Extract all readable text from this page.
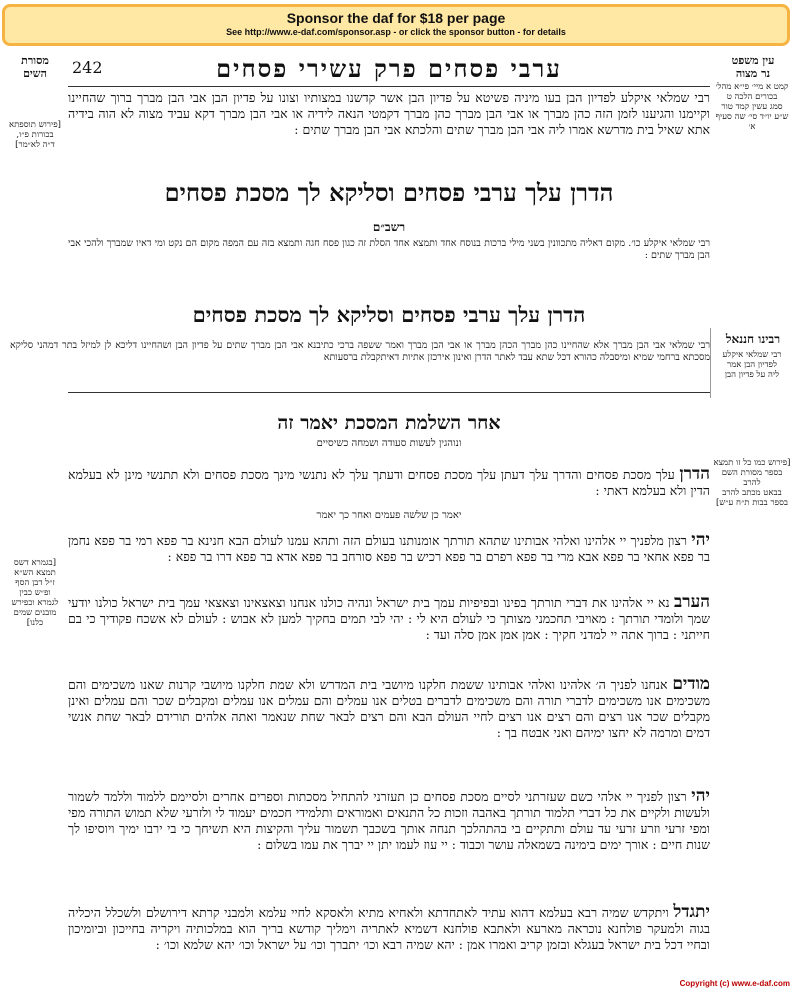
Sponsor the daf for $18 per page
See http://www.e-daf.com/sponsor.asp - or click the sponsor button - for details
מסורת
השים
עין משפט
נר מצוה
קמט א מיי׳ פי״א מהל׳
בכורים הלכה ט
סמג עשין קמד טור
ש״ע יו״ד סי׳ שה סעיף א׳
[פירוש תוספתא
בכורות פ״ו,
ד״ה לא״מר]
ערבי פסחים פרק עשירי פסחים
242
רבי שמלאי איקלע לפדיון הבן בעו מיניה פשיטא על פדיון הבן אשר קדשנו במצותיו וצונו על פדיון הבן אבי הבן מברך ברוך שהחיינו וקיימנו והגיענו לזמן הזה כהן מברך או אבי הבן מברך כהן מברך דקמטי הנאה לידיה או אבי הבן מברך דקא עביד מצוה לא הוה בידיה אתא שאיל בית מדרשא אמרו ליה אבי הבן מברך שתים והלכתא אבי הבן מברך שתים :
הדרן עלך ערבי פסחים וסליקא לך מסכת פסחים
רשב״ם
רבי שמלאי איקלע כו׳. מקום דאליה מתכוונין בשני מילי ברכות בנוסח אחד ותמצא אחד הסלת זה כגון פסח חגה ותמצא בזה עם המפה מקום הם נקט ומי דאיו שמברך ולהכי אבי הבן מברך שתים :
רבינו חננאל
רבי שמלאי איקלע
לפדיון הבן אמר
ליה על פדיון הבן
הדרן עלך ערבי פסחים וסליקא לך מסכת פסחים
רבי שמלאי אבי הבן מברך אלא שהחיינו כהן מברך הכהן מברך או אבי הבן מברך ואמר ששפה ברכי כתיבנא אבי הבן מברך שתים על פדיון הבן ושהחיינו דליכא לן למיזל בתר דמהני סליקא מסכתא ברחמי שמיא ומיסבלה כהורא דכל שתא עבד לאתר הדרן ואינון אירכזן אתיות דאיתקבלת ברסעותא
אחר השלמת המסכת יאמר זה
ונוהגין לעשות סעודה ושמחה כשיסיים
[פירוש כמו כל זו תמצא
בספר מסורת השם להרב
בבאט מכתב להרב
בספר בבות ת״ח ע״ש]
הדרן עלך מסכת פסחים והדרך עלך דעתן עלך מסכת פסחים ודעתך עלך לא נתנשי מינך מסכת פסחים ולא תתנשי מינן לא בעלמא הדין ולא בעלמא דאתי :
יאמר כן שלשה פעמים ואחר כך יאמר
[בגמרא דשס
תמצא הש״א
ז״ל דבן הסף
ופ״ש כבין
לגמרא וכפירש
מובנים שמים
כלנו]
יהי רצון מלפניך יי אלהינו ואלהי אבותינו שתהא תורתך אומנותנו בעולם הזה ותהא עמנו לעולם הבא חנינא בר פפא רמי בר פפא נחמן בר פפא אחאי בר פפא אבא מרי בר פפא רפרם בר פפא רכיש בר פפא סורחב בר פפא אדא בר פפא דרו בר פפא :
הערב נא יי אלהינו את דברי תורתך בפינו ובפיפיות עמך בית ישראל ונהיה כולנו אנחנו וצאצאינו וצאצאי עמך בית ישראל כולנו יודעי שמך ולומדי תורתך : מאויבי תחכמני מצותך כי לעולם היא לי : יהי לבי תמים בחקיך למען לא אבוש : לעולם לא אשכח פקודיך כי בם חייתני : ברוך אתה יי למדני חקיך : אמן אמן אמן סלה ועד :
מודים אנחנו לפניך ה׳ אלהינו ואלהי אבותינו ששמת חלקנו מיושבי בית המדרש ולא שמת חלקנו מיושבי קרנות שאנו משכימים והם משכימים אנו משכימים לדברי תורה והם משכימים לדברים בטלים אנו עמלים והם עמלים אנו עמלים ומקבלים שכר והם עמלים ואינן מקבלים שכר אנו רצים והם רצים אנו רצים לחיי העולם הבא והם רצים לבאר שחת שנאמר ואתה אלהים תורידם לבאר שחת אנשי דמים ומרמה לא יחצו ימיהם ואני אבטח בך :
יהי רצון לפניך יי אלהי כשם שעזרתני לסיים מסכת פסחים כן תעזרני להתחיל מסכתות וספרים אחרים ולסיימם ללמוד וללמד לשמור ולעשות ולקיים את כל דברי תלמוד תורתך באהבה וזכות כל התנאים ואמוראים ותלמידי חכמים יעמוד לי ולזרעי שלא תמוש התורה מפי ומפי זרעי וזרע זרעי עד עולם ותתקיים בי בהתהלכך תנחה אותך בשכבך תשמור עליך והקיצות היא תשיחך כי בי ירבו ימיך ויוסיפו לך שנות חיים : אורך ימים בימינה בשמאלה עושר וכבוד : יי עוז לעמו יתן יי יברך את עמו בשלום :
יתגדל ויתקדש שמיה רבא בעלמא דהוא עתיד לאתחדתא ולאחיא מתיא ולאסקא לחיי עלמא ולמבני קרתא דירושלם ולשכלל היכליה בגוה ולמעקר פולחנא נוכראה מארעא ולאתבא פולחנא דשמיא לאתריה וימליך קודשא בריך הוא במלכותיה ויקריה בחייכון וביומיכון ובחיי דכל בית ישראל בעגלא ובזמן קריב ואמרו אמן : יהא שמיה רבא וכו׳ יתברך וכו׳ על ישראל וכו׳ יהא שלמא וכו׳ :
Copyright (c) www.e-daf.com
